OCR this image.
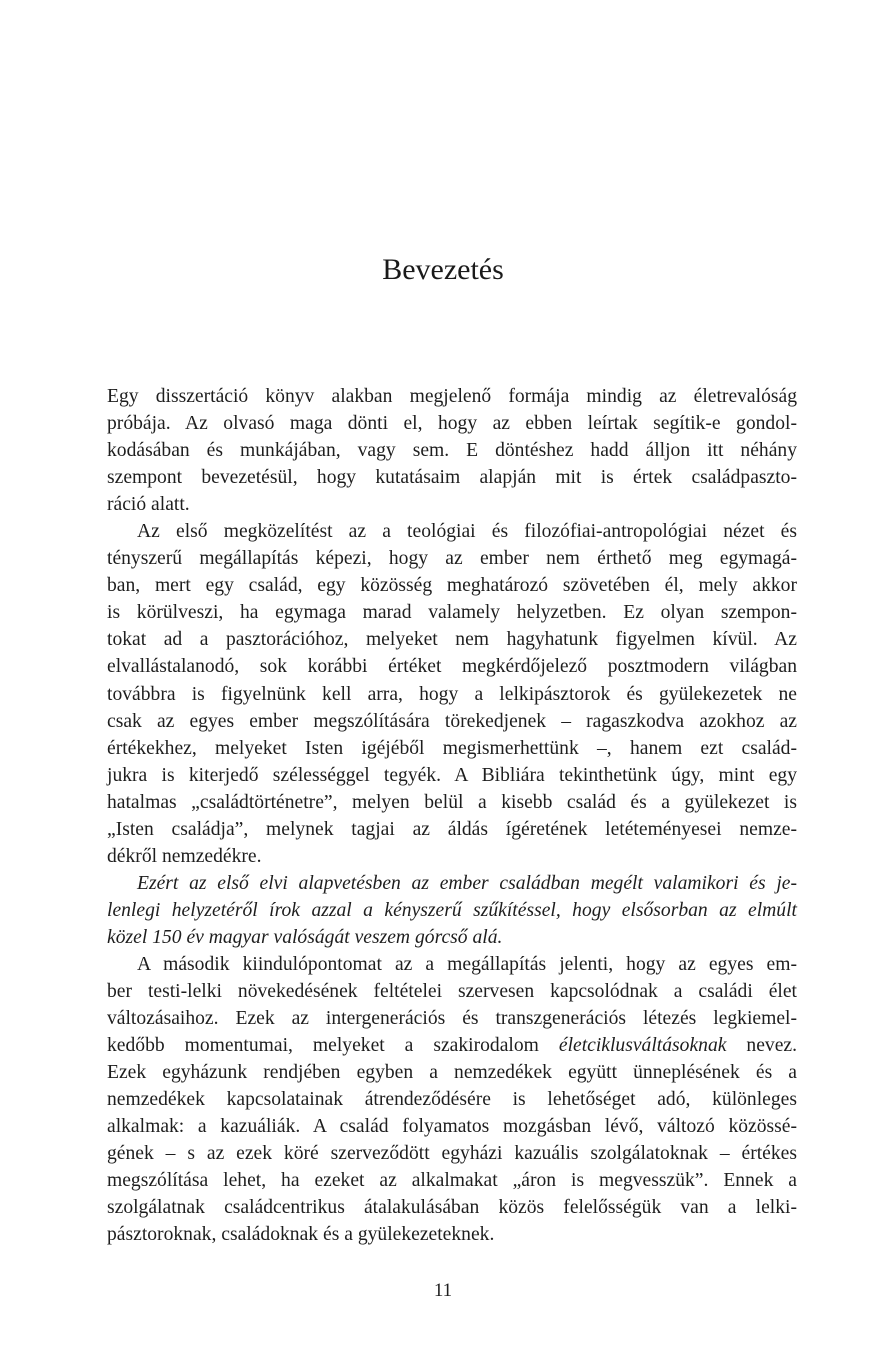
Bevezetés
Egy disszertáció könyv alakban megjelenő formája mindig az életrevalóság
próbája. Az olvasó maga dönti el, hogy az ebben leírtak segítik-e gondol-
kodásában és munkájában, vagy sem. E döntéshez hadd álljon itt néhány
szempont bevezetésül, hogy kutatásaim alapján mit is értek családpaszto-
ráció alatt.
Az első megközelítést az a teológiai és filozófiai-antropológiai nézet és
tényszerű megállapítás képezi, hogy az ember nem érthető meg egymagá-
ban, mert egy család, egy közösség meghatározó szövetében él, mely akkor
is körülveszi, ha egymaga marad valamely helyzetben. Ez olyan szempon-
tokat ad a pasztorációhoz, melyeket nem hagyhatunk figyelmen kívül. Az
elvallástalanodó, sok korábbi értéket megkérdőjelező posztmodern világban
továbbra is figyelnünk kell arra, hogy a lelkipásztorok és gyülekezetek ne
csak az egyes ember megszólítására törekedjenek – ragaszkodva azokhoz az
értékekhez, melyeket Isten igéjéből megismerhettünk –, hanem ezt család-
jukra is kiterjedő szélességgel tegyék. A Bibliára tekinthetünk úgy, mint egy
hatalmas „családtörténetre”, melyen belül a kisebb család és a gyülekezet is
„Isten családja”, melynek tagjai az áldás ígéretének letéteményesei nemze-
dékről nemzedékre.
Ezért az első elvi alapvetésben az ember családban megélt valamikori és je-
lenlegi helyzetéről írok azzal a kényszerű szűkítéssel, hogy elsősorban az elmúlt
közel 150 év magyar valóságát veszem górcső alá.
A második kiindulópontomat az a megállapítás jelenti, hogy az egyes em-
ber testi-lelki növekedésének feltételei szervesen kapcsolódnak a családi élet
változásaihoz. Ezek az intergenerációs és transzgenerációs létezés legkiemel-
kedőbb momentumai, melyeket a szakirodalom életciklusváltásoknak nevez.
Ezek egyházunk rendjében egyben a nemzedékek együtt ünneplésének és a
nemzedékek kapcsolatainak átrendeződésére is lehetőséget adó, különleges
alkalmak: a kazuáliák. A család folyamatos mozgásban lévő, változó közössé-
gének – s az ezek köré szerveződött egyházi kazuális szolgálatoknak – értékes
megszólítása lehet, ha ezeket az alkalmakat „áron is megvesszük”. Ennek a
szolgálatnak családcentrikus átalakulásában közös felelősségük van a lelki-
pásztoroknak, családoknak és a gyülekezeteknek.
11
